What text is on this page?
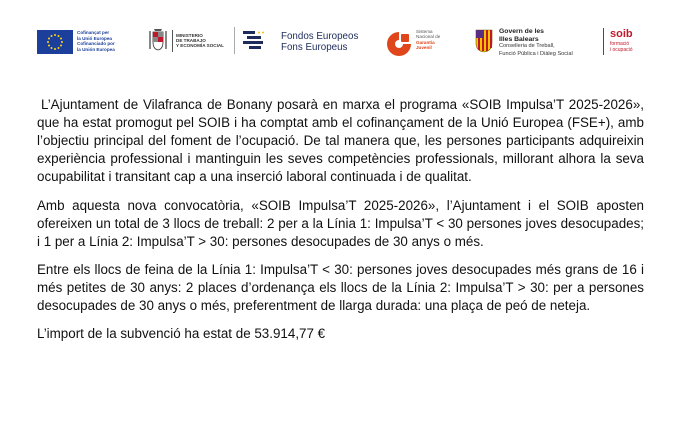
Cofinançat per
la Unió Europea
Cofinanciado por
la Unión Europea
MINISTERIO
DE TRABAJO
Y ECONOMÍA SOCIAL
Fondos Europeos
Fons Europeus
Sistema
Nacional de
Garantía
Juvenil
Govern de les
Illes Balears
Conselleria de Treball,
Funció Pública i Diàleg Social
soib
formació
i ocupació

L’Ajuntament de Vilafranca de Bonany posarà en marxa el programa «SOIB Impulsa’T 2025-2026», que ha estat promogut pel SOIB i ha comptat amb el cofinançament de la Unió Europea (FSE+), amb l’objectiu principal del foment de l’ocupació. De tal manera que, les persones participants adquireixin experiència professional i mantinguin les seves competències professionals, millorant alhora la seva ocupabilitat i transitant cap a una inserció laboral continuada i de qualitat.

Amb aquesta nova convocatòria, «SOIB Impulsa’T 2025-2026», l’Ajuntament i el SOIB aposten ofereixen un total de 3 llocs de treball: 2 per a la Línia 1: Impulsa’T < 30 persones joves desocupades; i 1 per a Línia 2: Impulsa’T > 30: persones desocupades de 30 anys o més.

Entre els llocs de feina de la Línia 1: Impulsa’T < 30: persones joves desocupades més grans de 16 i més petites de 30 anys: 2 places d’ordenança els llocs de la Línia 2: Impulsa’T > 30: per a persones desocupades de 30 anys o més, preferentment de llarga durada: una plaça de peó de neteja.

L’import de la subvenció ha estat de 53.914,77 €
